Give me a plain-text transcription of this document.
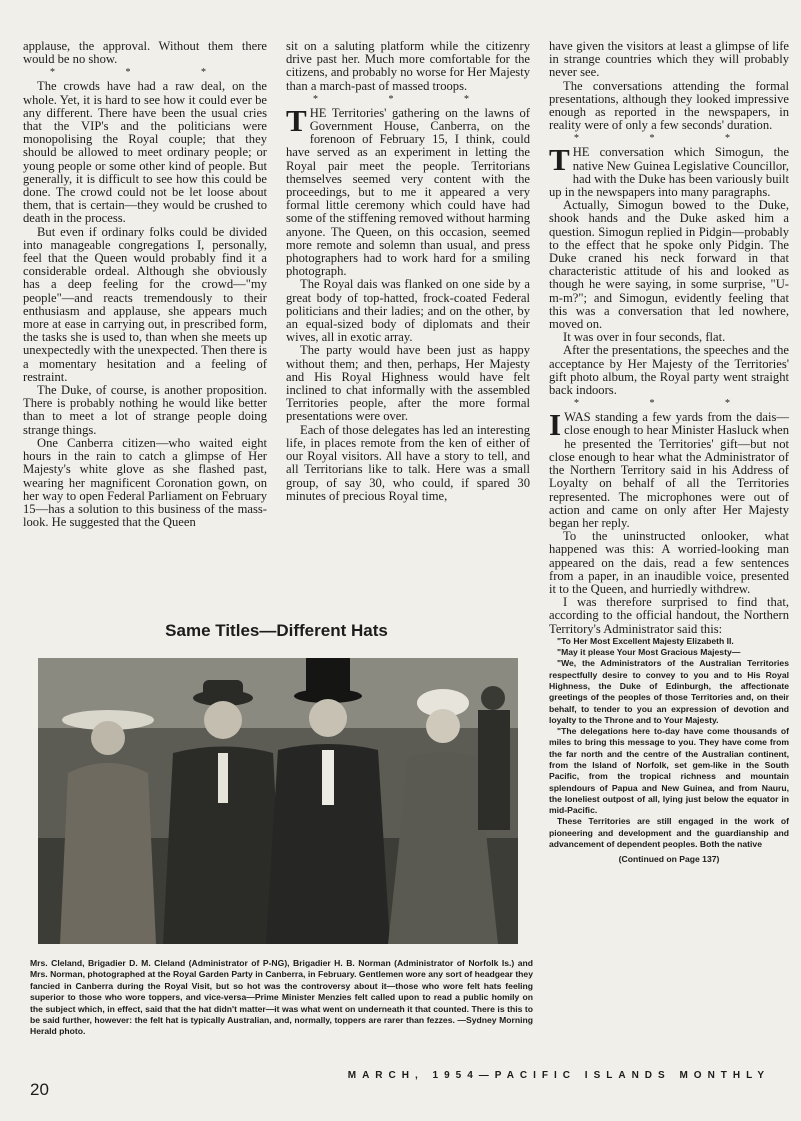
applause, the approval. Without them there would be no show.

* * *

The crowds have had a raw deal, on the whole. Yet, it is hard to see how it could ever be any different. There have been the usual cries that the VIP's and the politicians were monopolising the Royal couple; that they should be allowed to meet ordinary people; or young people or some other kind of people. But generally, it is difficult to see how this could be done. The crowd could not be let loose about them, that is certain—they would be crushed to death in the process.

But even if ordinary folks could be divided into manageable congregations I, personally, feel that the Queen would probably find it a considerable ordeal. Although she obviously has a deep feeling for the crowd—"my people"—and reacts tremendously to their enthusiasm and applause, she appears much more at ease in carrying out, in prescribed form, the tasks she is used to, than when she meets up unexpectedly with the unexpected. Then there is a momentary hesitation and a feeling of restraint.

The Duke, of course, is another proposition. There is probably nothing he would like better than to meet a lot of strange people doing strange things.

One Canberra citizen—who waited eight hours in the rain to catch a glimpse of Her Majesty's white glove as she flashed past, wearing her magnificent Coronation gown, on her way to open Federal Parliament on February 15—has a solution to this business of the mass-look. He suggested that the Queen

sit on a saluting platform while the citizenry drive past her. Much more comfortable for the citizens, and probably no worse for Her Majesty than a march-past of massed troops.

* * *

THE Territories' gathering on the lawns of Government House, Canberra, on the forenoon of February 15, I think, could have served as an experiment in letting the Royal pair meet the people. Territorians themselves seemed very content with the proceedings, but to me it appeared a very formal little ceremony which could have had some of the stiffening removed without harming anyone. The Queen, on this occasion, seemed more remote and solemn than usual, and press photographers had to work hard for a smiling photograph.

The Royal dais was flanked on one side by a great body of top-hatted, frock-coated Federal politicians and their ladies; and on the other, by an equal-sized body of diplomats and their wives, all in exotic array.

The party would have been just as happy without them; and then, perhaps, Her Majesty and His Royal Highness would have felt inclined to chat informally with the assembled Territories people, after the more formal presentations were over.

Each of those delegates has led an interesting life, in places remote from the ken of either of our Royal visitors. All have a story to tell, and all Territorians like to talk. Here was a small group, of say 30, who could, if spared 30 minutes of precious Royal time,

have given the visitors at least a glimpse of life in strange countries which they will probably never see.

The conversations attending the formal presentations, although they looked impressive enough as reported in the newspapers, in reality were of only a few seconds' duration.

* * *

THE conversation which Simogun, the native New Guinea Legislative Councillor, had with the Duke has been variously built up in the newspapers into many paragraphs.

Actually, Simogun bowed to the Duke, shook hands and the Duke asked him a question. Simogun replied in Pidgin—probably to the effect that he spoke only Pidgin. The Duke craned his neck forward in that characteristic attitude of his and looked as though he were saying, in some surprise, "U-m-m?"; and Simogun, evidently feeling that this was a conversation that led nowhere, moved on.

It was over in four seconds, flat.

After the presentations, the speeches and the acceptance by Her Majesty of the Territories' gift photo album, the Royal party went straight back indoors.

* * *

IWAS standing a few yards from the dais—close enough to hear Minister Hasluck when he presented the Territories' gift—but not close enough to hear what the Administrator of the Northern Territory said in his Address of Loyalty on behalf of all the Territories represented. The microphones were out of action and came on only after Her Majesty began her reply.

To the uninstructed onlooker, what happened was this: A worried-looking man appeared on the dais, read a few sentences from a paper, in an inaudible voice, presented it to the Queen, and hurriedly withdrew.

I was therefore surprised to find that, according to the official handout, the Northern Territory's Administrator said this:

"To Her Most Excellent Majesty Elizabeth II.

"May it please Your Most Gracious Majesty—

"We, the Administrators of the Australian Territories respectfully desire to convey to you and to His Royal Highness, the Duke of Edinburgh, the affectionate greetings of the peoples of those Territories and, on their behalf, to tender to you an expression of devotion and loyalty to the Throne and to Your Majesty.

"The delegations here to-day have come thousands of miles to bring this message to you. They have come from the far north and the centre of the Australian continent, from the Island of Norfolk, set gem-like in the South Pacific, from the tropical richness and mountain splendours of Papua and New Guinea, and from Nauru, the loneliest outpost of all, lying just below the equator in mid-Pacific.

These Territories are still engaged in the work of pioneering and development and the guardianship and advancement of dependent peoples. Both the native

(Continued on Page 137)
Same Titles—Different Hats
Mrs. Cleland, Brigadier D. M. Cleland (Administrator of P-NG), Brigadier H. B. Norman (Administrator of Norfolk Is.) and Mrs. Norman, photographed at the Royal Garden Party in Canberra, in February. Gentlemen wore any sort of headgear they fancied in Canberra during the Royal Visit, but so hot was the controversy about it—those who wore felt hats feeling superior to those who wore toppers, and vice-versa—Prime Minister Menzies felt called upon to read a public homily on the subject which, in effect, said that the hat didn't matter—it was what went on underneath it that counted. There is this to be said further, however: the felt hat is typically Australian, and, normally, toppers are rarer than fezzes. —Sydney Morning Herald photo.
20
MARCH, 1954—PACIFIC ISLANDS MONTHLY
